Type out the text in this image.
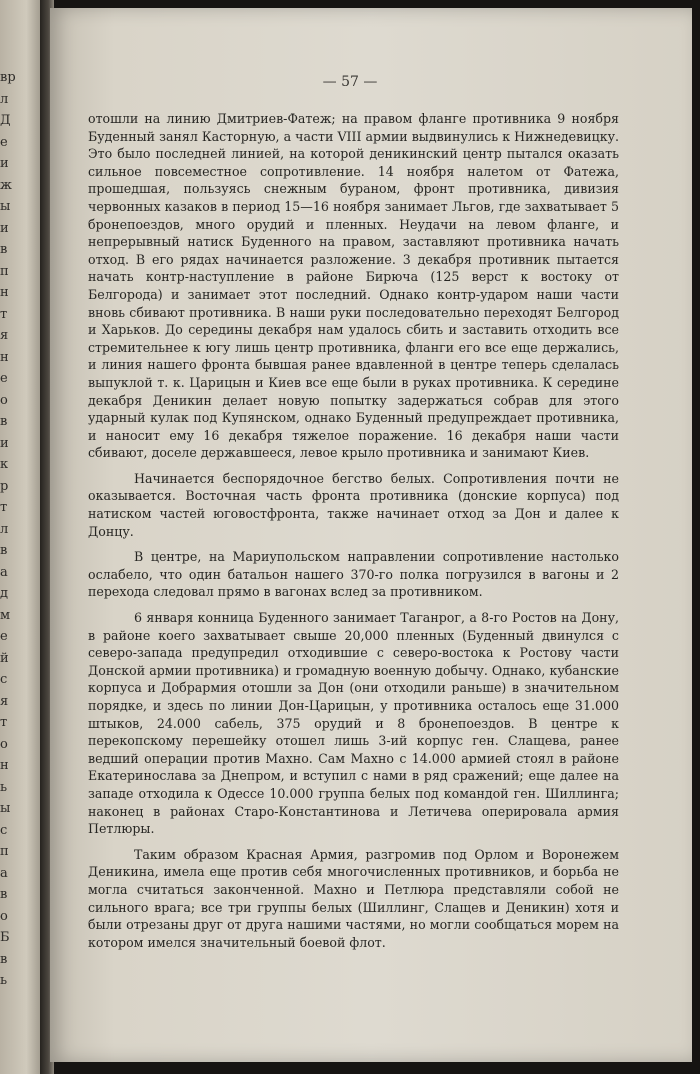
вр
л
Д
е
и
ж
ы
и
в
п
н
т
я
н
е
о
в
и
к
р
т
л
в
а
д
м
е
й
с
я
т
о
н
ь
ы
с
п
а
в
о
Б
в
ь
— 57 —

отошли на линию Дмитриев-Фатеж; на правом фланге противника 9 ноября Буденный занял Касторную, а части VIII армии выдвинулись к Нижнедевицку. Это было последней линией, на которой деникинский центр пытался оказать сильное повсеместное сопротивление. 14 ноября налетом от Фатежа, прошедшая, пользуясь снежным бураном, фронт противника, дивизия червонных казаков в период 15—16 ноября занимает Льгов, где захватывает 5 бронепоездов, много орудий и пленных. Неудачи на левом фланге, и непрерывный натиск Буденного на правом, заставляют противника начать отход. В его рядах начинается разложение. 3 декабря противник пытается начать контр-наступление в районе Бирюча (125 верст к востоку от Белгорода) и занимает этот последний. Однако контр-ударом наши части вновь сбивают противника. В наши руки последовательно переходят Белгород и Харьков. До середины декабря нам удалось сбить и заставить отходить все стремительнее к югу лишь центр противника, фланги его все еще держались, и линия нашего фронта бывшая ранее вдавленной в центре теперь сделалась выпуклой т. к. Царицын и Киев все еще были в руках противника. К середине декабря Деникин делает новую попытку задержаться собрав для этого ударный кулак под Купянском, однако Буденный предупреждает противника, и наносит ему 16 декабря тяжелое поражение. 16 декабря наши части сбивают, доселе державшееся, левое крыло противника и занимают Киев.

Начинается беспорядочное бегство белых. Сопротивления почти не оказывается. Восточная часть фронта противника (донские корпуса) под натиском частей юговостфронта, также начинает отход за Дон и далее к Донцу.

В центре, на Мариупольском направлении сопротивление настолько ослабело, что один батальон нашего 370-го полка погрузился в вагоны и 2 перехода следовал прямо в вагонах вслед за противником.

6 января конница Буденного занимает Таганрог, а 8-го Ростов на Дону, в районе коего захватывает свыше 20,000 пленных (Буденный двинулся с северо-запада предупредил отходившие с северо-востока к Ростову части Донской армии противника) и громадную военную добычу. Однако, кубанские корпуса и Добрармия отошли за Дон (они отходили раньше) в значительном порядке, и здесь по линии Дон-Царицын, у противника осталось еще 31.000 штыков, 24.000 сабель, 375 орудий и 8 бронепоездов. В центре к перекопскому перешейку отошел лишь 3-ий корпус ген. Слащева, ранее ведший операции против Махно. Сам Махно с 14.000 армией стоял в районе Екатеринослава за Днепром, и вступил с нами в ряд сражений; еще далее на западе отходила к Одессе 10.000 группа белых под командой ген. Шиллинга; наконец в районах Старо-Константинова и Летичева оперировала армия Петлюры.

Таким образом Красная Армия, разгромив под Орлом и Воронежем Деникина, имела еще против себя многочисленных противников, и борьба не могла считаться законченной. Махно и Петлюра представляли собой не сильного врага; все три группы белых (Шиллинг, Слащев и Деникин) хотя и были отрезаны друг от друга нашими частями, но могли сообщаться морем на котором имелся значительный боевой флот.
